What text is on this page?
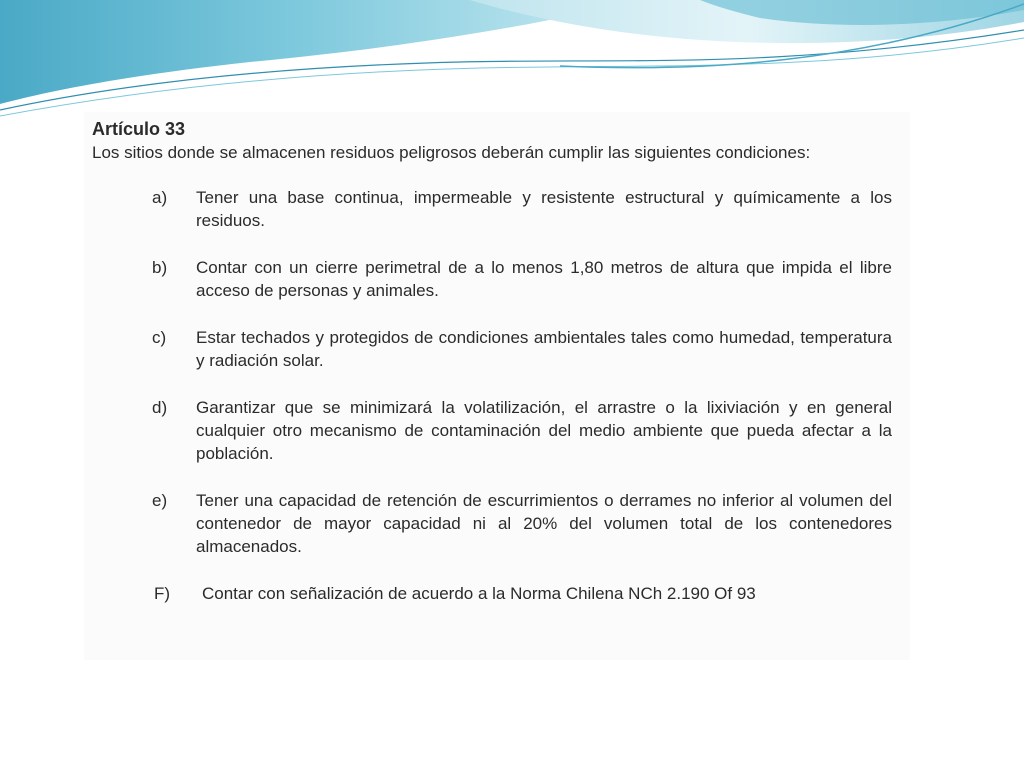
Artículo 33

Los sitios donde se almacenen residuos peligrosos deberán cumplir las siguientes condiciones:

a) Tener una base continua, impermeable y resistente estructural y químicamente a los residuos.
b) Contar con un cierre perimetral de a lo menos 1,80 metros de altura que impida el libre acceso de personas y animales.
c) Estar techados y protegidos de condiciones ambientales tales como humedad, temperatura y radiación solar.
d) Garantizar que se minimizará la volatilización, el arrastre o la lixiviación y en general cualquier otro mecanismo de contaminación del medio ambiente que pueda afectar a la población.
e) Tener una capacidad de retención de escurrimientos o derrames no inferior al volumen del contenedor de mayor capacidad ni al 20% del volumen total de los contenedores almacenados.
F) Contar con señalización de acuerdo a la Norma Chilena NCh 2.190 Of 93
